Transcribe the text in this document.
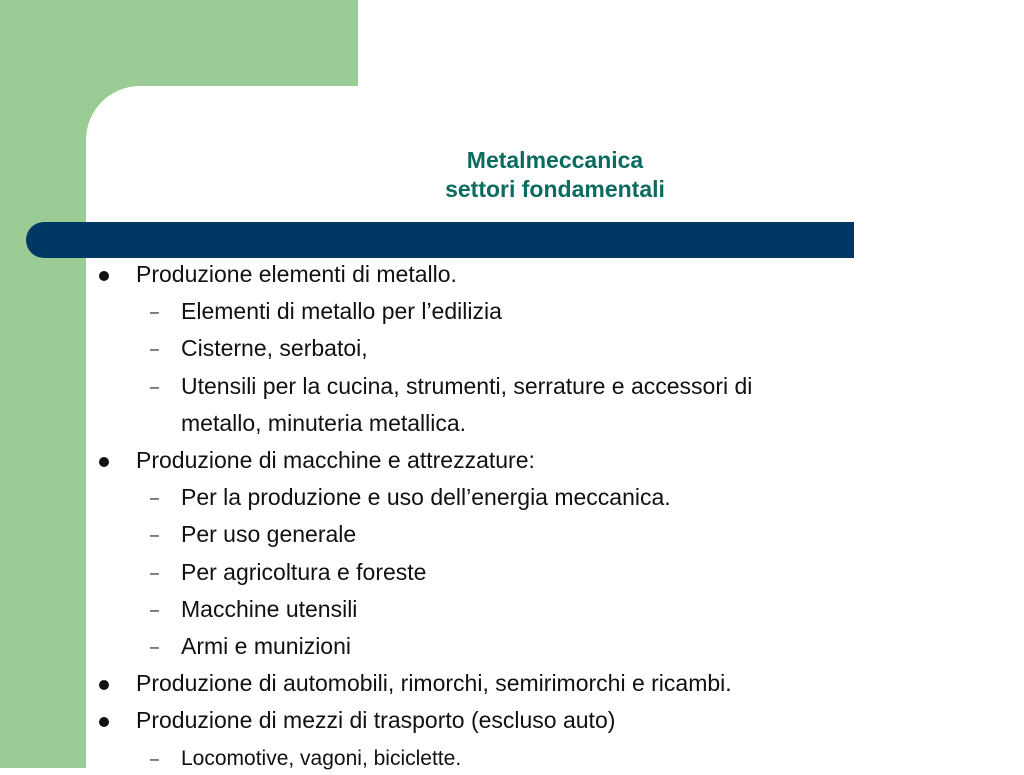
Metalmeccanica
settori fondamentali
Produzione elementi di metallo.
– Elementi di metallo per l’edilizia
– Cisterne, serbatoi,
– Utensili per la cucina, strumenti, serrature e accessori di
metallo, minuteria metallica.
Produzione di macchine e attrezzature:
– Per la produzione e uso dell’energia meccanica.
– Per uso generale
– Per agricoltura e foreste
– Macchine utensili
– Armi e munizioni
Produzione di automobili, rimorchi, semirimorchi e ricambi.
Produzione di mezzi di trasporto (escluso auto)
– Locomotive, vagoni, biciclette.
